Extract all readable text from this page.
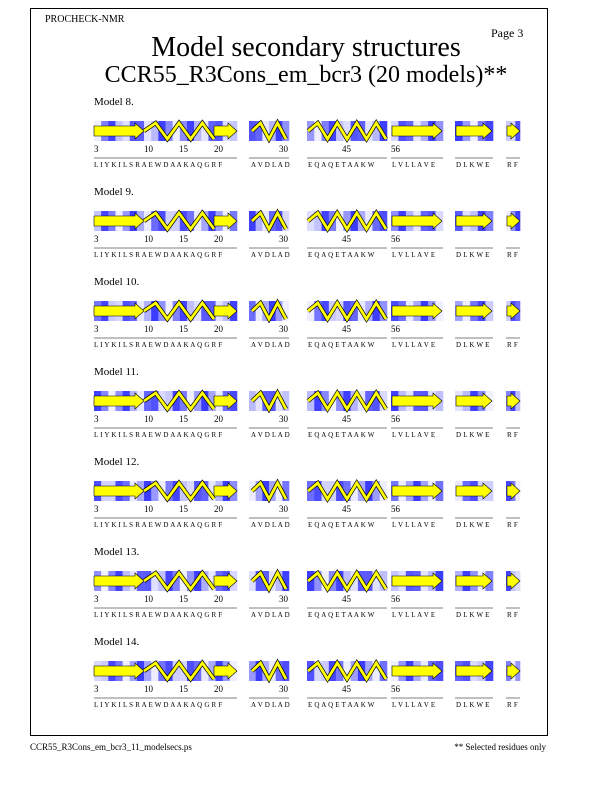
PROCHECK-NMR
Page 3
Model secondary structures
CCR55_R3Cons_em_bcr3 (20 models)**
Model 8.
3	10	15	20
L I Y K I L S R A E W D A A K A Q G R F
30
A V D L A D
45
E Q A Q E T A A K W
56
L V L L A V E	D L K W E R F
Model 9.
3	10	15	20
L I Y K I L S R A E W D A A K A Q G R F
30
A V D L A D
45
E Q A Q E T A A K W
56
L V L L A V E	D L K W E R F
Model 10.
3	10	15	20
L I Y K I L S R A E W D A A K A Q G R F
30
A V D L A D
45
E Q A Q E T A A K W
56
L V L L A V E	D L K W E R F
Model 11.
3	10	15	20
L I Y K I L S R A E W D A A K A Q G R F
30
A V D L A D
45
E Q A Q E T A A K W
56
L V L L A V E	D L K W E R F
Model 12.
3	10	15	20
L I Y K I L S R A E W D A A K A Q G R F
30
A V D L A D
45
E Q A Q E T A A K W
56
L V L L A V E	D L K W E R F
Model 13.
3	10	15	20
L I Y K I L S R A E W D A A K A Q G R F
30
A V D L A D
45
E Q A Q E T A A K W
56
L V L L A V E	D L K W E R F
Model 14.
3	10	15	20
L I Y K I L S R A E W D A A K A Q G R F
30
A V D L A D
45
E Q A Q E T A A K W
56
L V L L A V E	D L K W E R F
CCR55_R3Cons_em_bcr3_11_modelsecs.ps	** Selected residues only
